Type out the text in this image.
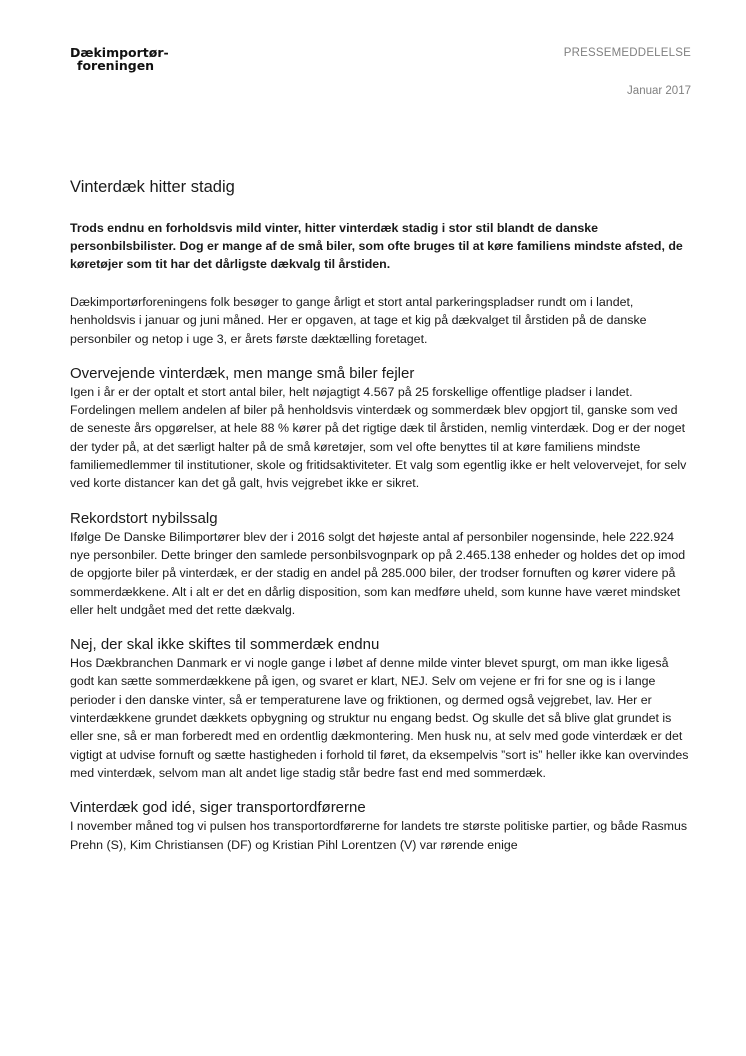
Dækimportør-
foreningen
PRESSEMEDDELELSE
Januar 2017
Vinterdæk hitter stadig

Trods endnu en forholdsvis mild vinter, hitter vinterdæk stadig i stor stil blandt de danske personbilsbilister. Dog er mange af de små biler, som ofte bruges til at køre familiens mindste afsted, de køretøjer som tit har det dårligste dækvalg til årstiden.

Dækimportørforeningens folk besøger to gange årligt et stort antal parkeringspladser rundt om i landet, henholdsvis i januar og juni måned. Her er opgaven, at tage et kig på dækvalget til årstiden på de danske personbiler og netop i uge 3, er årets første dæktælling foretaget.

Overvejende vinterdæk, men mange små biler fejler

Igen i år er der optalt et stort antal biler, helt nøjagtigt 4.567 på 25 forskellige offentlige pladser i landet. Fordelingen mellem andelen af biler på henholdsvis vinterdæk og sommerdæk blev opgjort til, ganske som ved de seneste års opgørelser, at hele 88 % kører på det rigtige dæk til årstiden, nemlig vinterdæk. Dog er der noget der tyder på, at det særligt halter på de små køretøjer, som vel ofte benyttes til at køre familiens mindste familiemedlemmer til institutioner, skole og fritidsaktiviteter. Et valg som egentlig ikke er helt velovervejet, for selv ved korte distancer kan det gå galt, hvis vejgrebet ikke er sikret.

Rekordstort nybilssalg

Ifølge De Danske Bilimportører blev der i 2016 solgt det højeste antal af personbiler nogensinde, hele 222.924 nye personbiler. Dette bringer den samlede personbilsvognpark op på 2.465.138 enheder og holdes det op imod de opgjorte biler på vinterdæk, er der stadig en andel på 285.000 biler, der trodser fornuften og kører videre på sommerdækkene. Alt i alt er det en dårlig disposition, som kan medføre uheld, som kunne have været mindsket eller helt undgået med det rette dækvalg.

Nej, der skal ikke skiftes til sommerdæk endnu

Hos Dækbranchen Danmark er vi nogle gange i løbet af denne milde vinter blevet spurgt, om man ikke ligeså godt kan sætte sommerdækkene på igen, og svaret er klart, NEJ. Selv om vejene er fri for sne og is i lange perioder i den danske vinter, så er temperaturene lave og friktionen, og dermed også vejgrebet, lav. Her er vinterdækkene grundet dækkets opbygning og struktur nu engang bedst. Og skulle det så blive glat grundet is eller sne, så er man forberedt med en ordentlig dækmontering. Men husk nu, at selv med gode vinterdæk er det vigtigt at udvise fornuft og sætte hastigheden i forhold til føret, da eksempelvis ”sort is” heller ikke kan overvindes med vinterdæk, selvom man alt andet lige stadig står bedre fast end med sommerdæk.

Vinterdæk god idé, siger transportordførerne

I november måned tog vi pulsen hos transportordførerne for landets tre største politiske partier, og både Rasmus Prehn (S), Kim Christiansen (DF) og Kristian Pihl Lorentzen (V) var rørende enige
